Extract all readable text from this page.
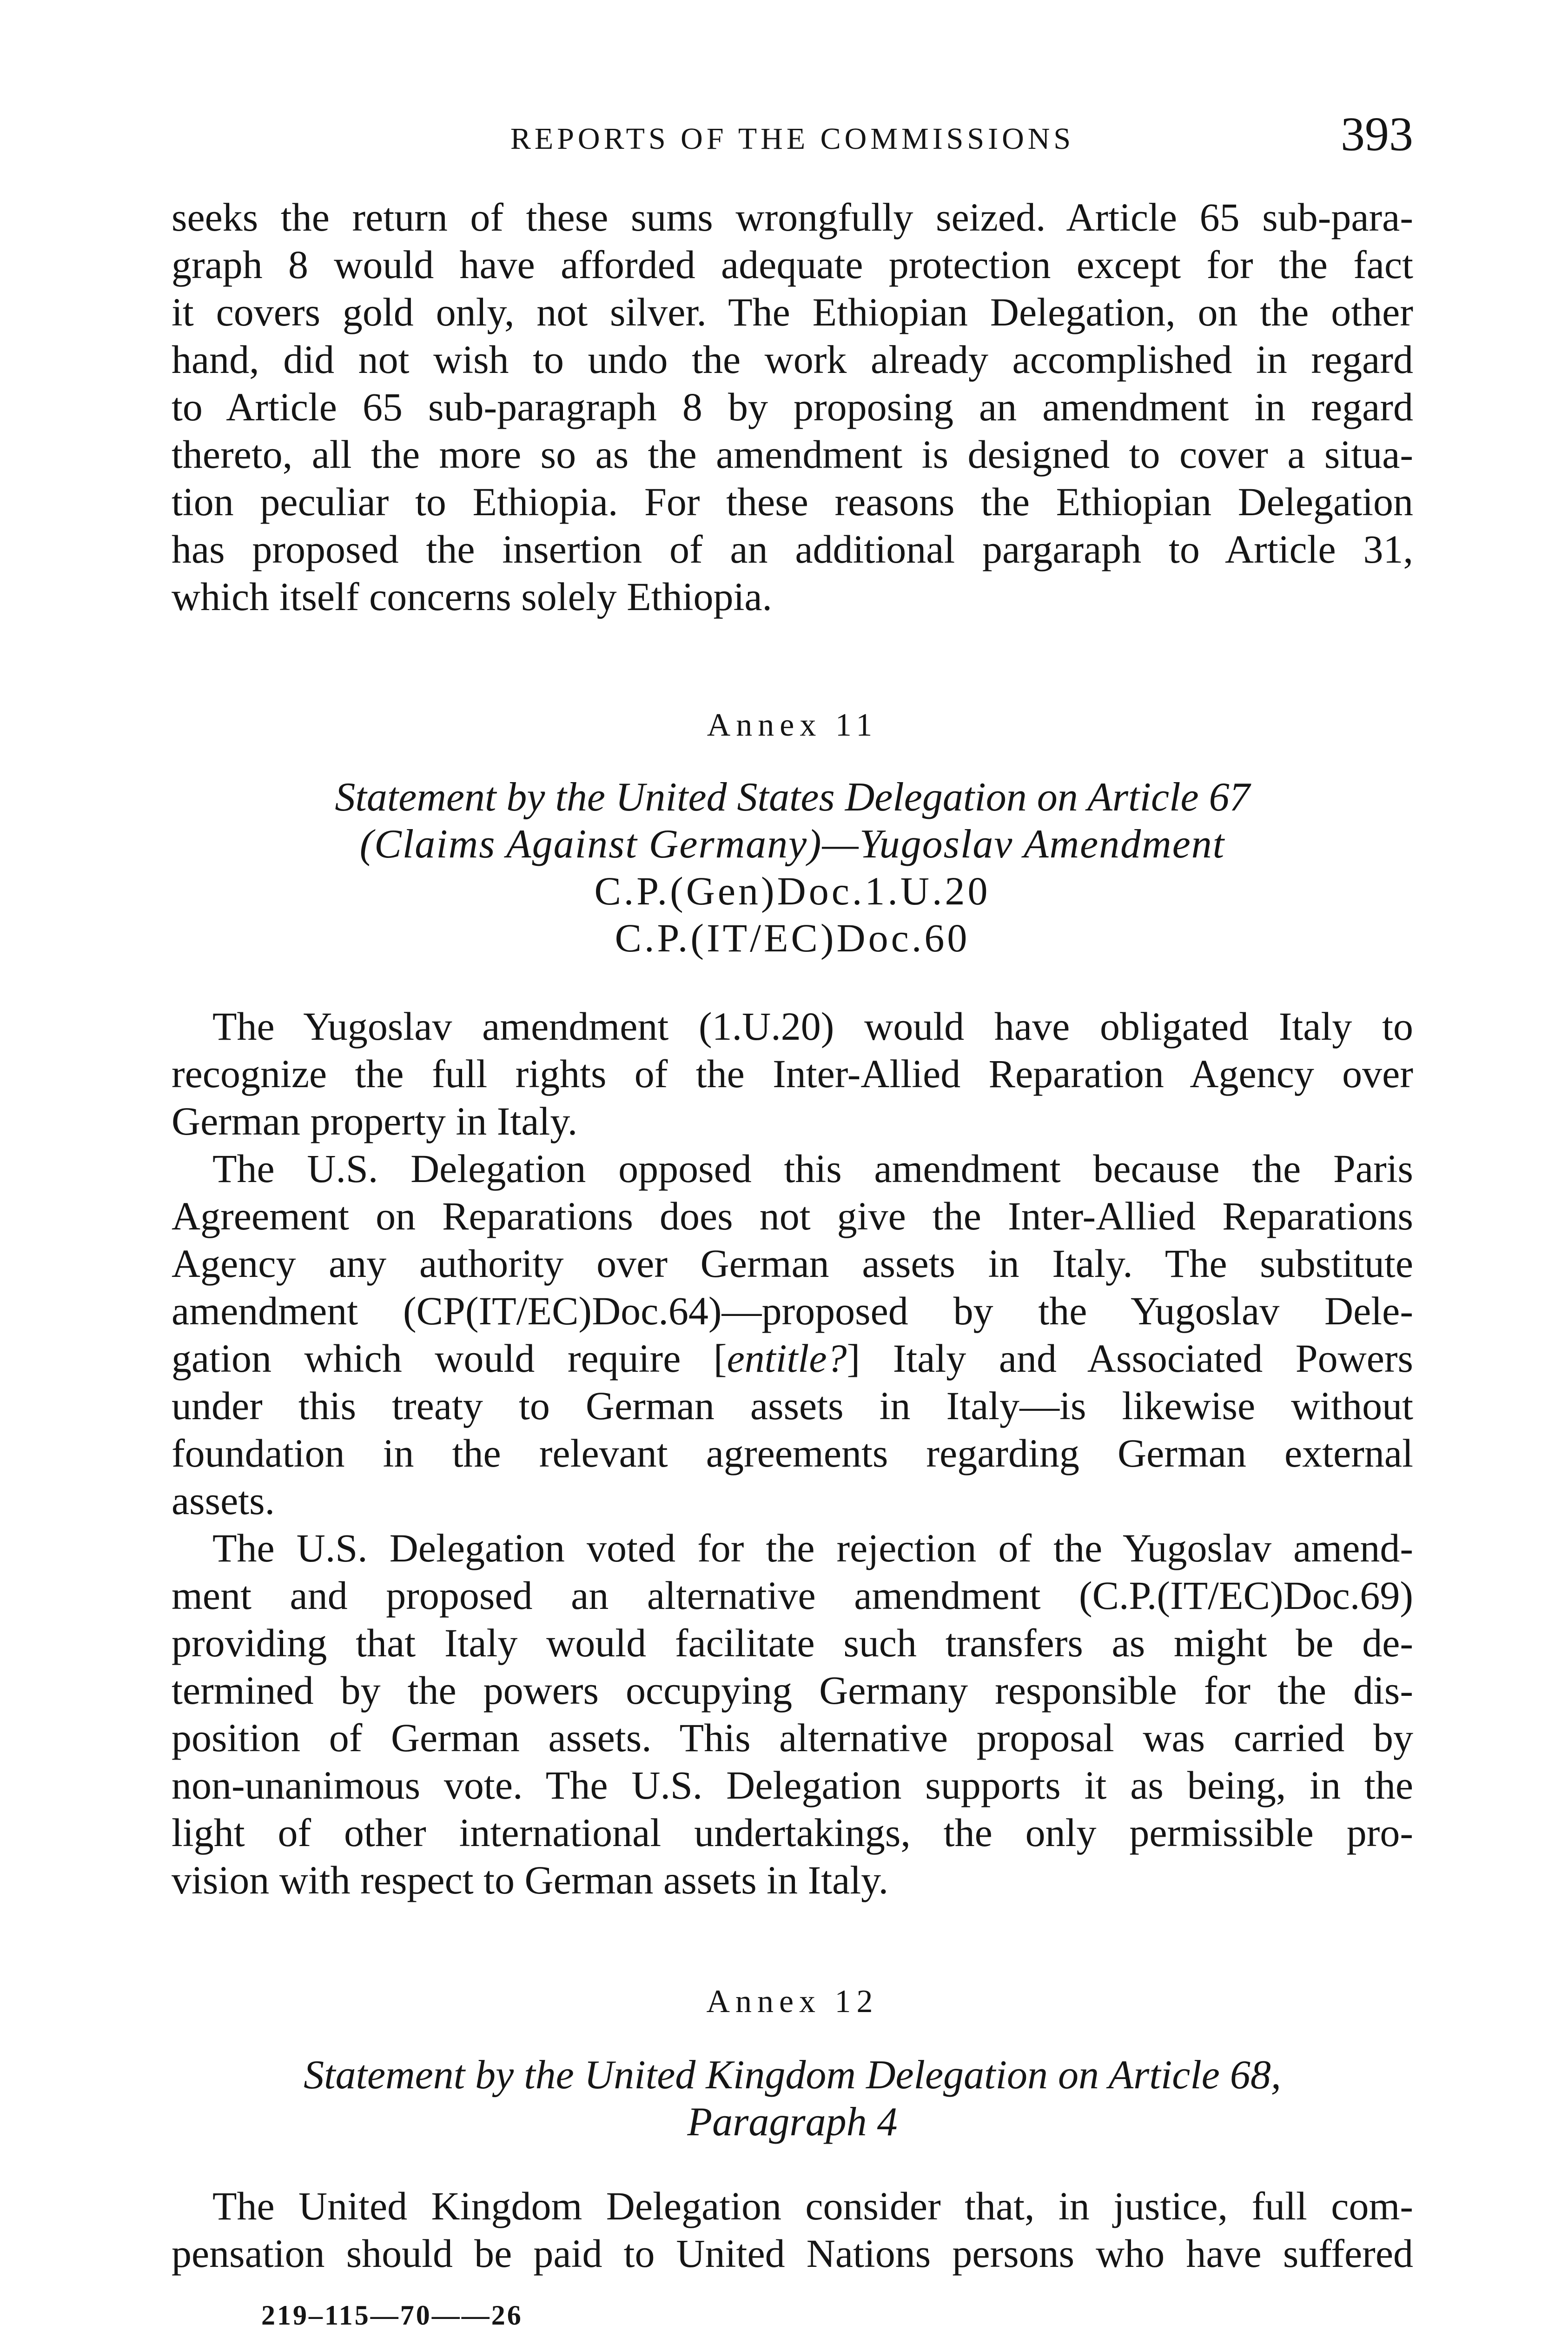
REPORTS OF THE COMMISSIONS	393
seeks the return of these sums wrongfully seized. Article 65 sub-para-
graph 8 would have afforded adequate protection except for the fact
it covers gold only, not silver. The Ethiopian Delegation, on the other
hand, did not wish to undo the work already accomplished in regard
to Article 65 sub-paragraph 8 by proposing an amendment in regard
thereto, all the more so as the amendment is designed to cover a situa-
tion peculiar to Ethiopia. For these reasons the Ethiopian Delegation
has proposed the insertion of an additional pargaraph to Article 31,
which itself concerns solely Ethiopia.
Annex 11
Statement by the United States Delegation on Article 67
(Claims Against Germany)—Yugoslav Amendment
C.P.(Gen)Doc.1.U.20
C.P.(IT/EC)Doc.60
The Yugoslav amendment (1.U.20) would have obligated Italy to
recognize the full rights of the Inter-Allied Reparation Agency over
German property in Italy.
The U.S. Delegation opposed this amendment because the Paris
Agreement on Reparations does not give the Inter-Allied Reparations
Agency any authority over German assets in Italy. The substitute
amendment (CP(IT/EC)Doc.64)—proposed by the Yugoslav Dele-
gation which would require [entitle?] Italy and Associated Powers
under this treaty to German assets in Italy—is likewise without
foundation in the relevant agreements regarding German external
assets.
The U.S. Delegation voted for the rejection of the Yugoslav amend-
ment and proposed an alternative amendment (C.P.(IT/EC)Doc.69)
providing that Italy would facilitate such transfers as might be de-
termined by the powers occupying Germany responsible for the dis-
position of German assets. This alternative proposal was carried by
non-unanimous vote. The U.S. Delegation supports it as being, in the
light of other international undertakings, the only permissible pro-
vision with respect to German assets in Italy.
Annex 12
Statement by the United Kingdom Delegation on Article 68,
Paragraph 4
The United Kingdom Delegation consider that, in justice, full com-
pensation should be paid to United Nations persons who have suffered
219–115—70——26
